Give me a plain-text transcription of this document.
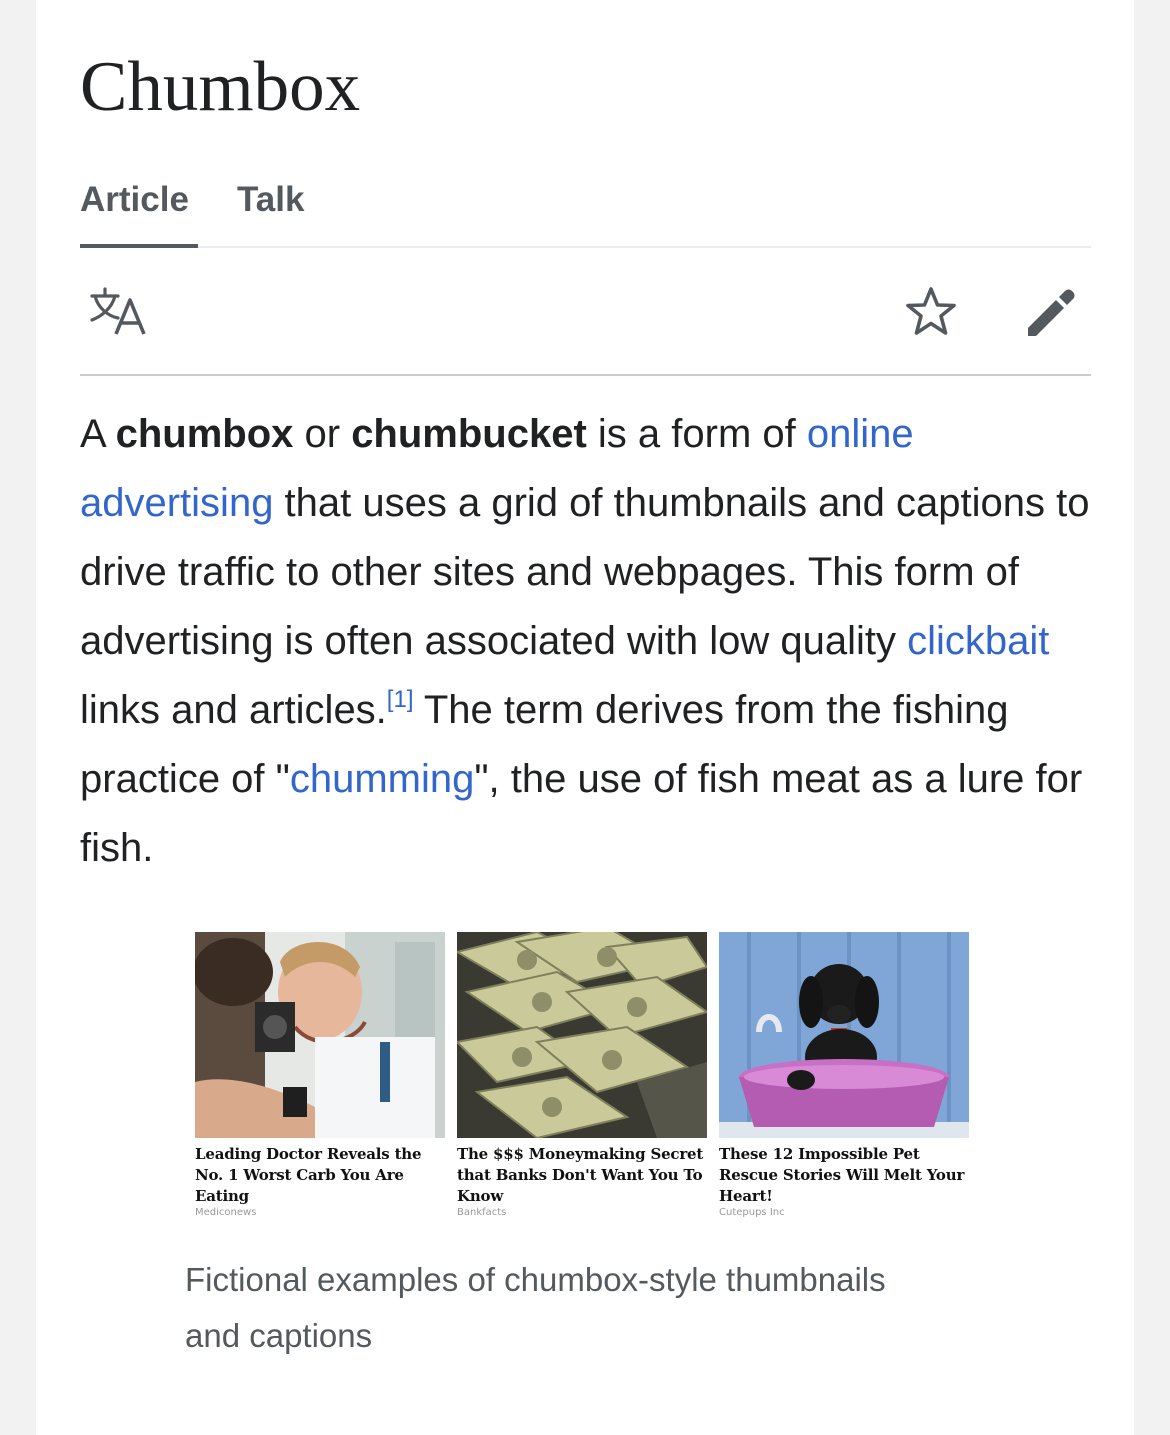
Chumbox
Article Talk

A chumbox or chumbucket is a form of online advertising that uses a grid of thumbnails and captions to drive traffic to other sites and webpages. This form of advertising is often associated with low quality clickbait links and articles.[1] The term derives from the fishing practice of "chumming", the use of fish meat as a lure for fish.

Leading Doctor Reveals the No. 1 Worst Carb You Are Eating
Mediconews
The $$$ Moneymaking Secret that Banks Don't Want You To Know
Bankfacts
These 12 Impossible Pet Rescue Stories Will Melt Your Heart!
Cutepups Inc
Fictional examples of chumbox-style thumbnails and captions
